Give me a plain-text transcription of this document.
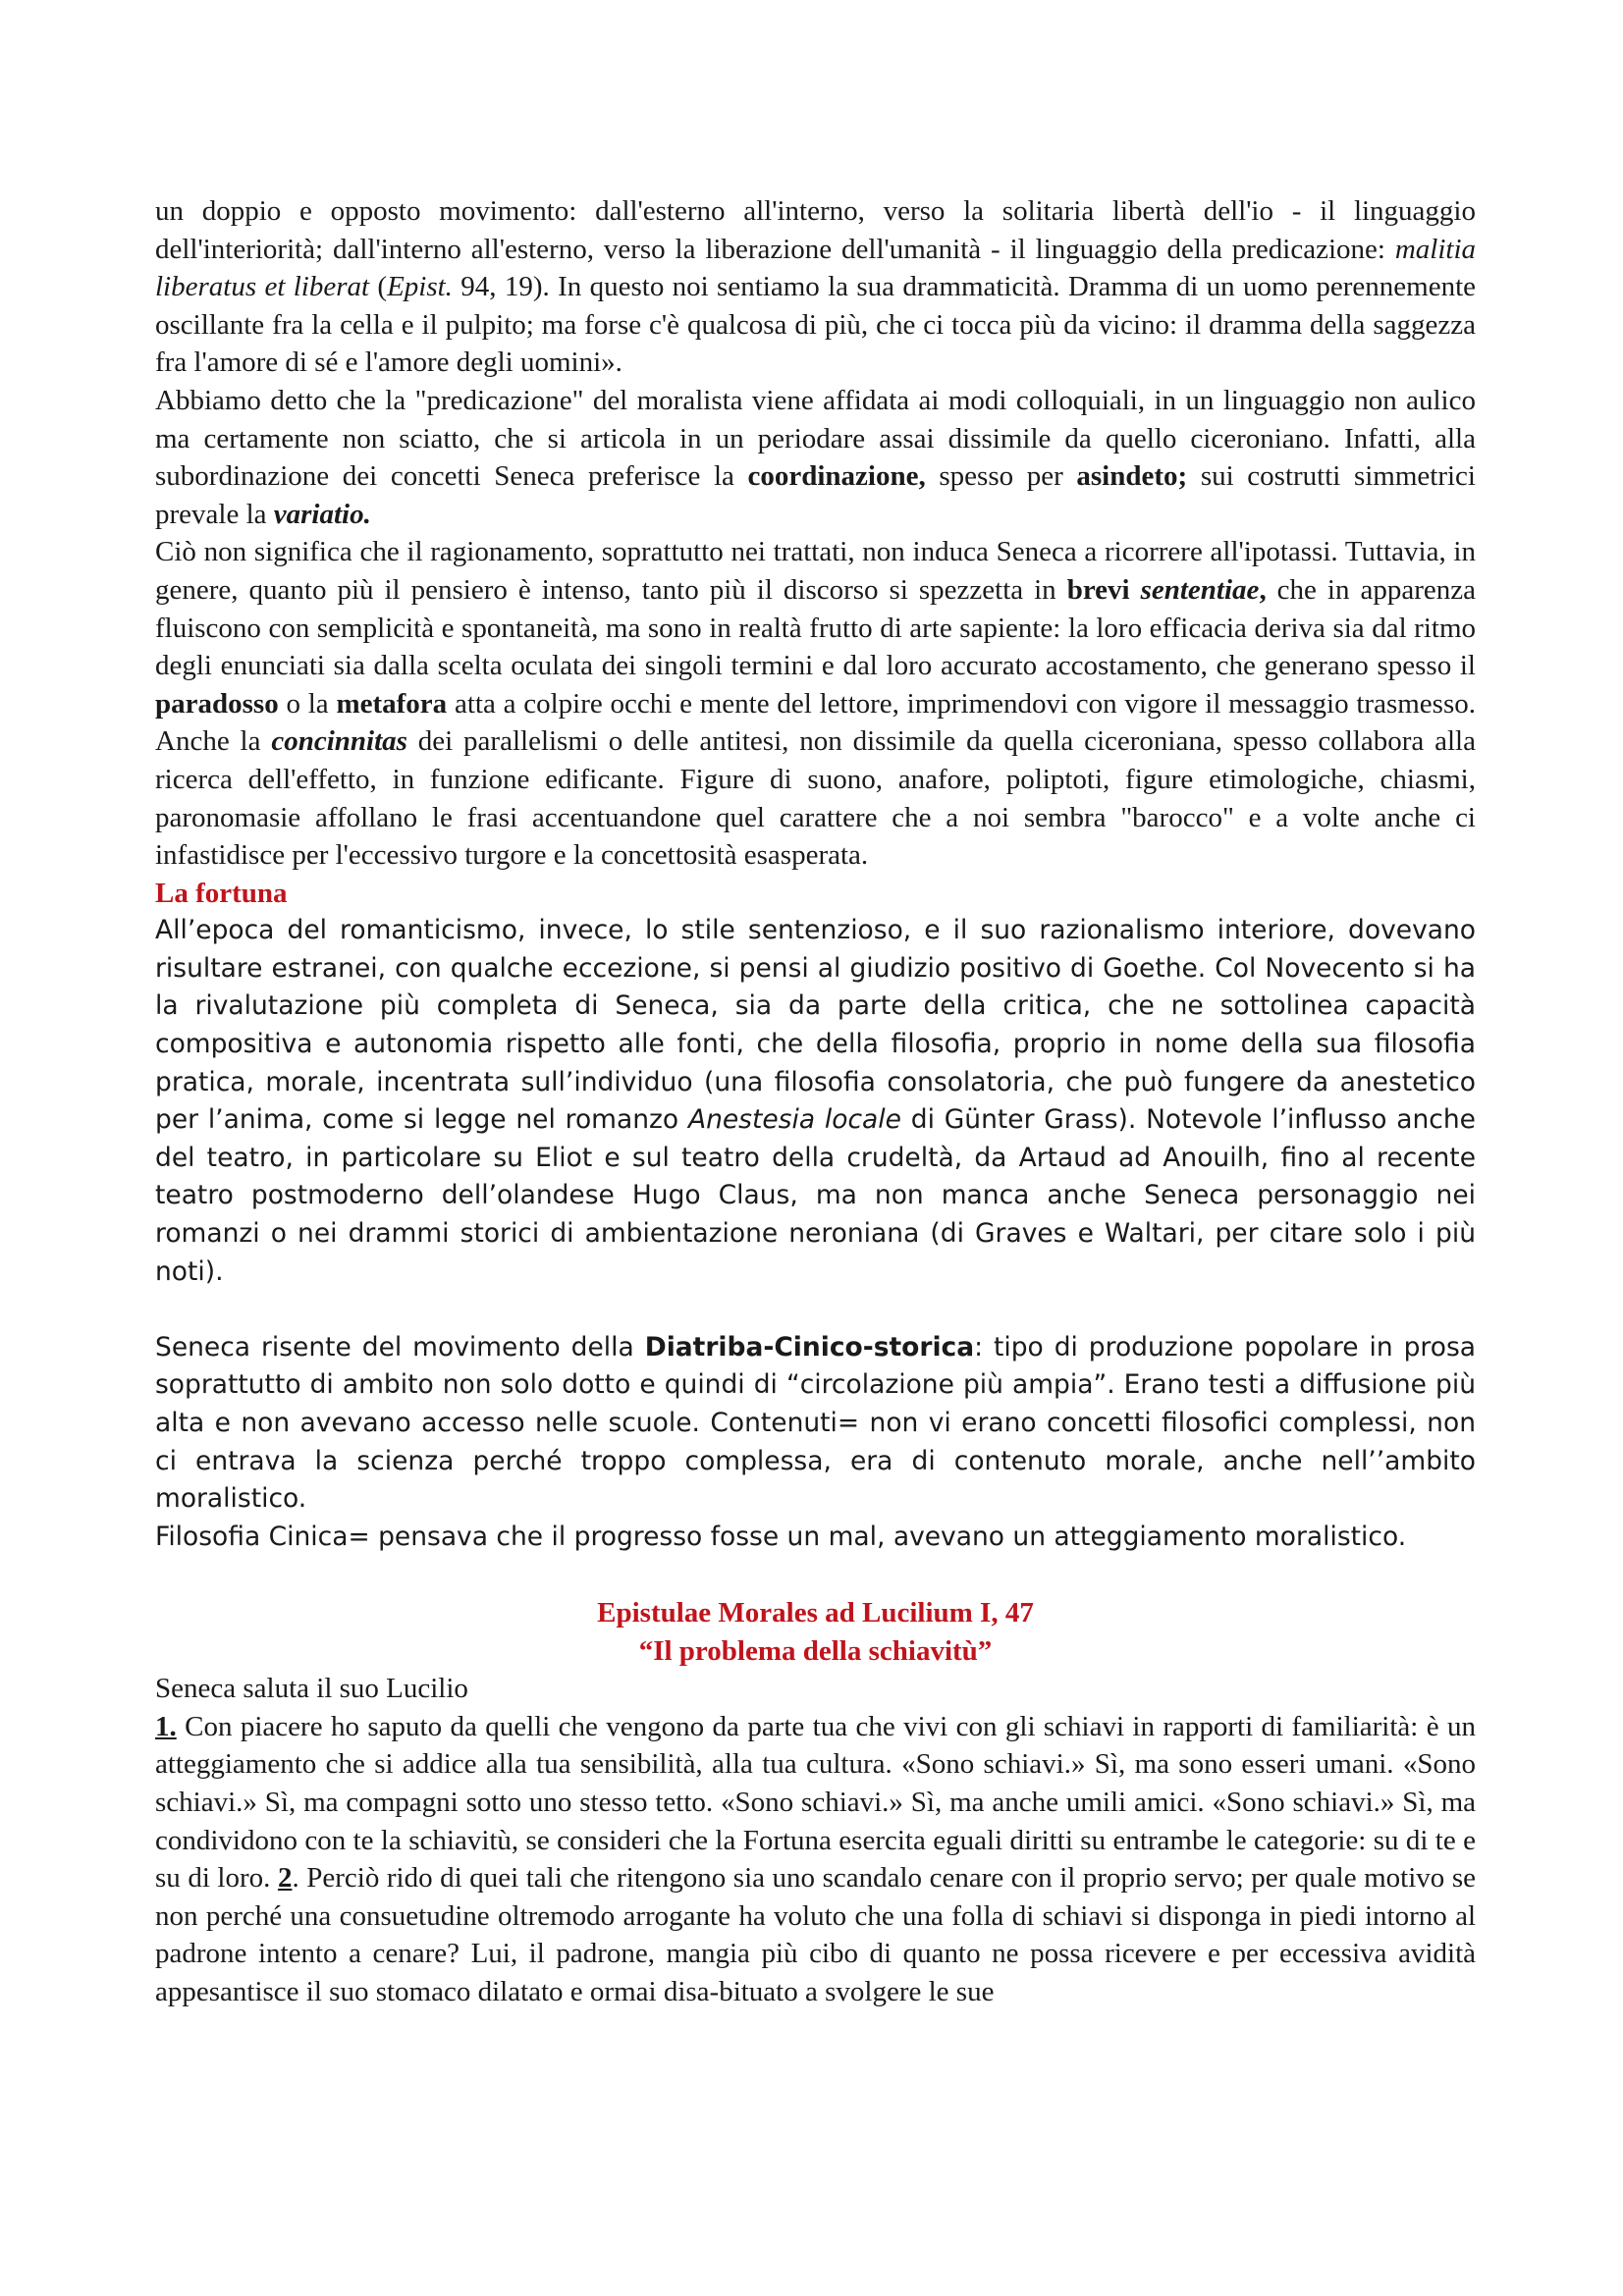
un doppio e opposto movimento: dall'esterno all'interno, verso la solitaria libertà dell'io - il linguaggio dell'interiorità; dall'interno all'esterno, verso la liberazione dell'umanità - il linguaggio della predicazione: malitia liberatus et liberat (Epist. 94, 19). In questo noi sentiamo la sua drammaticità. Dramma di un uomo perennemente oscillante fra la cella e il pulpito; ma forse c'è qualcosa di più, che ci tocca più da vicino: il dramma della saggezza fra l'amore di sé e l'amore degli uomini».

Abbiamo detto che la "predicazione" del moralista viene affidata ai modi colloquiali, in un linguaggio non aulico ma certamente non sciatto, che si articola in un periodare assai dissimile da quello ciceroniano. Infatti, alla subordinazione dei concetti Seneca preferisce la coordinazione, spesso per asindeto; sui costrutti simmetrici prevale la variatio.

Ciò non significa che il ragionamento, soprattutto nei trattati, non induca Seneca a ricorrere all'ipotassi. Tuttavia, in genere, quanto più il pensiero è intenso, tanto più il discorso si spezzetta in brevi sententiae, che in apparenza fluiscono con semplicità e spontaneità, ma sono in realtà frutto di arte sapiente: la loro efficacia deriva sia dal ritmo degli enunciati sia dalla scelta oculata dei singoli termini e dal loro accurato accostamento, che generano spesso il paradosso o la metafora atta a colpire occhi e mente del lettore, imprimendovi con vigore il messaggio trasmesso. Anche la concinnitas dei parallelismi o delle antitesi, non dissimile da quella ciceroniana, spesso collabora alla ricerca dell'effetto, in funzione edificante. Figure di suono, anafore, poliptoti, figure etimologiche, chiasmi, paronomasie affollano le frasi accentuandone quel carattere che a noi sembra "barocco" e a volte anche ci infastidisce per l'eccessivo turgore e la concettosità esasperata.

La fortuna

All’epoca del romanticismo, invece, lo stile sentenzioso, e il suo razionalismo interiore, dovevano risultare estranei, con qualche eccezione, si pensi al giudizio positivo di Goethe. Col Novecento si ha la rivalutazione più completa di Seneca, sia da parte della critica, che ne sottolinea capacità compositiva e autonomia rispetto alle fonti, che della filosofia, proprio in nome della sua filosofia pratica, morale, incentrata sull’individuo (una filosofia consolatoria, che può fungere da anestetico per l’anima, come si legge nel romanzo Anestesia locale di Günter Grass). Notevole l’influsso anche del teatro, in particolare su Eliot e sul teatro della crudeltà, da Artaud ad Anouilh, fino al recente teatro postmoderno dell’olandese Hugo Claus, ma non manca anche Seneca personaggio nei romanzi o nei drammi storici di ambientazione neroniana (di Graves e Waltari, per citare solo i più noti).

Seneca risente del movimento della Diatriba-Cinico-storica: tipo di produzione popolare in prosa soprattutto di ambito non solo dotto e quindi di “circolazione più ampia”. Erano testi a diffusione più alta e non avevano accesso nelle scuole. Contenuti= non vi erano concetti filosofici complessi, non ci entrava la scienza perché troppo complessa, era di contenuto morale, anche nell’’ambito moralistico.

Filosofia Cinica= pensava che il progresso fosse un mal, avevano un atteggiamento moralistico.

Epistulae Morales ad Lucilium I, 47

“Il problema della schiavitù”

Seneca saluta il suo Lucilio

1. Con piacere ho saputo da quelli che vengono da parte tua che vivi con gli schiavi in rapporti di familiarità: è un atteggiamento che si addice alla tua sensibilità, alla tua cultura. «Sono schiavi.» Sì, ma sono esseri umani. «Sono schiavi.» Sì, ma compagni sotto uno stesso tetto. «Sono schiavi.» Sì, ma anche umili amici. «Sono schiavi.» Sì, ma condividono con te la schiavitù, se consideri che la Fortuna esercita eguali diritti su entrambe le categorie: su di te e su di loro. 2. Perciò rido di quei tali che ritengono sia uno scandalo cenare con il proprio servo; per quale motivo se non perché una consuetudine oltremodo arrogante ha voluto che una folla di schiavi si disponga in piedi intorno al padrone intento a cenare? Lui, il padrone, mangia più cibo di quanto ne possa ricevere e per eccessiva avidità appesantisce il suo stomaco dilatato e ormai disa-bituato a svolgere le sue
